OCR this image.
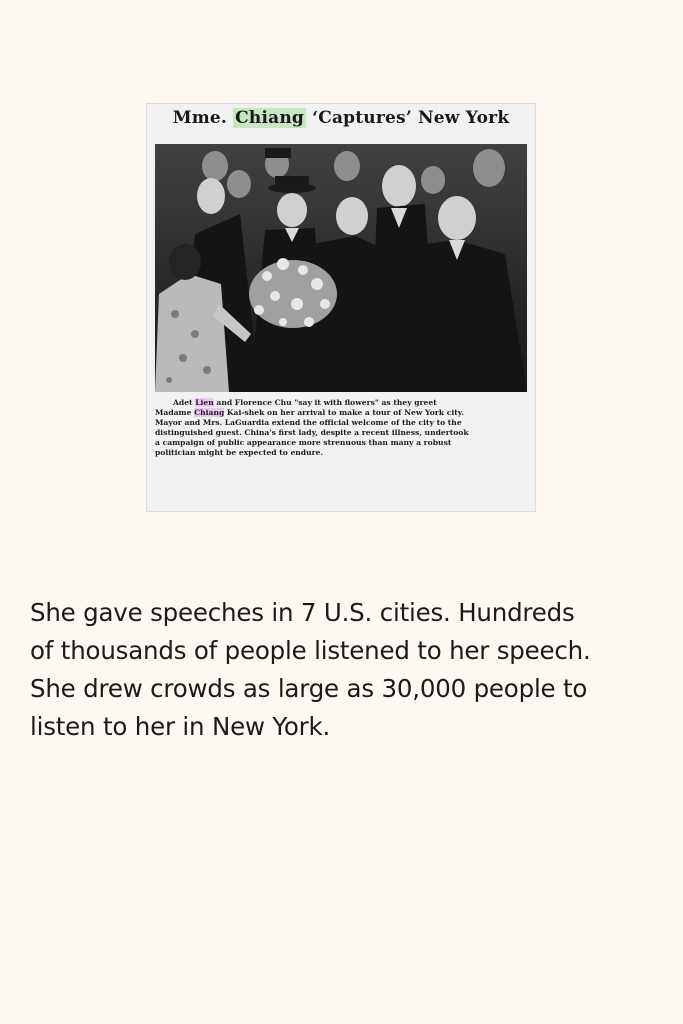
Mme. Chiang ‘Captures’ New York
Adet Lien and Florence Chu "say it with flowers" as they greet
Madame Chiang Kai-shek on her arrival to make a tour of New York city.
Mayor and Mrs. LaGuardia extend the official welcome of the city to the
distinguished guest. China's first lady, despite a recent illness, undertook
a campaign of public appearance more strenuous than many a robust
politician might be expected to endure.
She gave speeches in 7 U.S. cities. Hundreds
of thousands of people listened to her speech.
She drew crowds as large as 30,000 people to
listen to her in New York.
